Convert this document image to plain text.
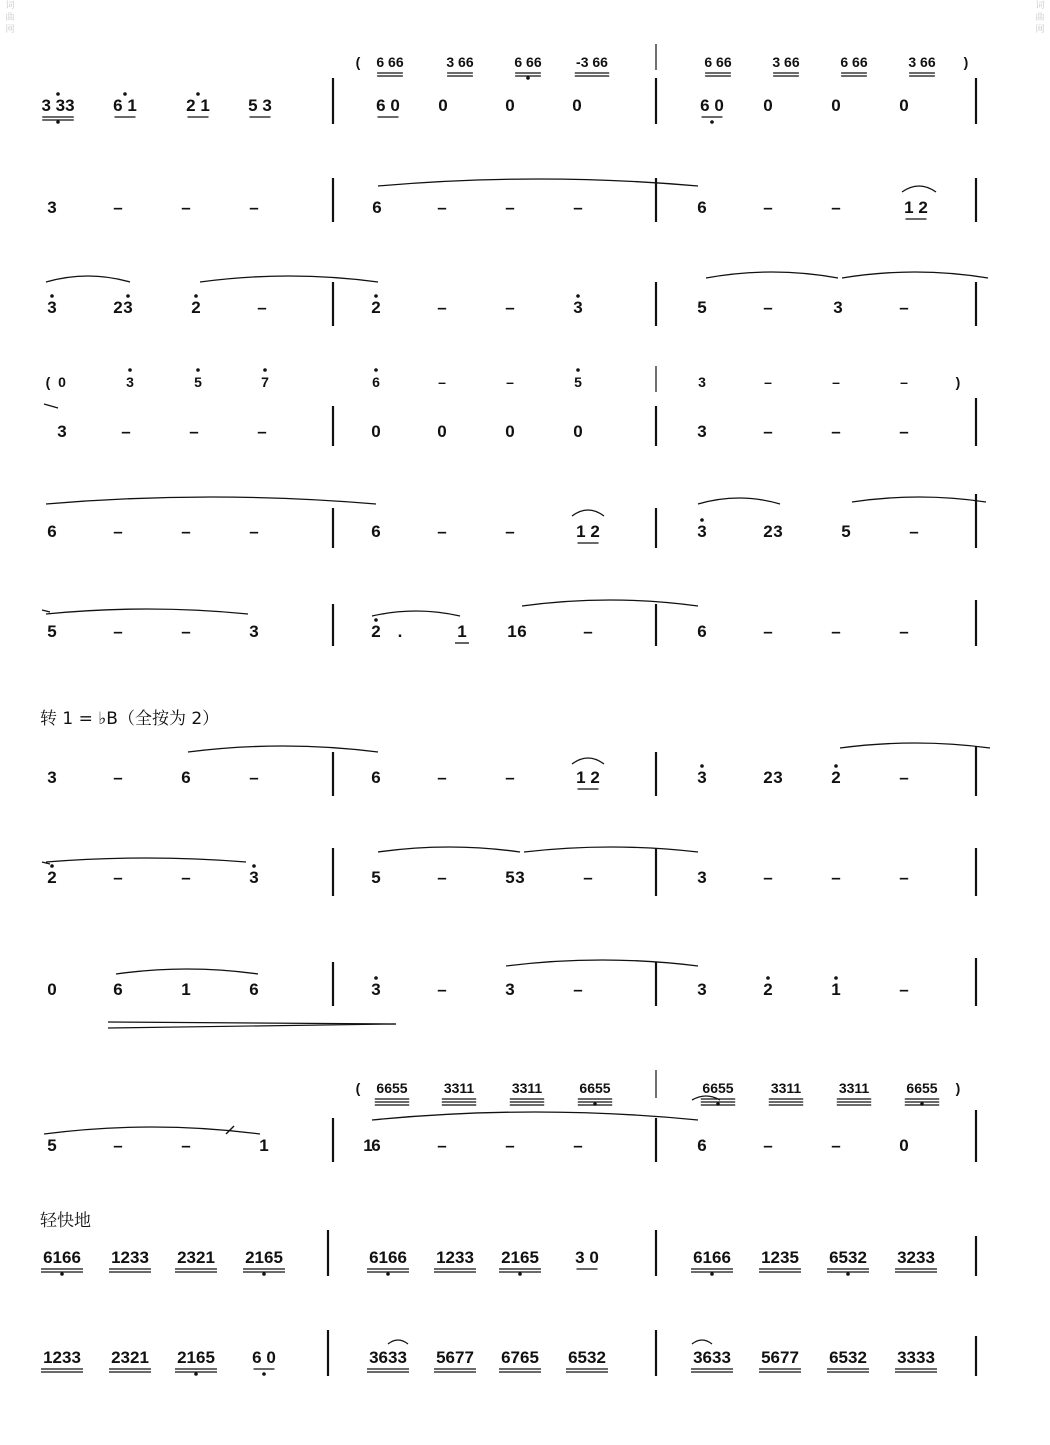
词曲网
词曲网
转 1 = ♭B（全按为 2）
轻快地
( 6 66	3 66	6 66 -3 66	6 66	3 66	6 66	3 66 )
3 33 6 1	2 1 5 3	6 0 0	0	0	6 0 0	0	0
3	–	–	–	6	–	–	–	6	–	–	1 2
3	2 3	2	–	2	–	–	3	5	–	3	–
( 0	3	5	7	6	–	–	5	3	–	–	–	)
3	–	–	–	0	0	0	0	3	–	–	–
6	–	–	–	6	–	–	1 2	3	2 3	5	–
5	–	–	3	2 .	1 1 6	–	6	–	–	–
3	–	6	–	6	–	–	1 2	3	2 3	2	–
2	–	–	3	5	–	5 3	–	3	–	–	–
0	6	1	6	3	–	3	–	3	2	1	–
( 6655	3311	3311	6655	6655	3311	3311	6655 )
5	–	–	1	1
6	–	–	–	6	–	–	0
6166 1233 2321 2165	6166 1233 2165 3 0	6166 1235 6532 3233
1233 2321 2165 6 0	3633 5677 6765 6532	3633 5677 6532 3333
